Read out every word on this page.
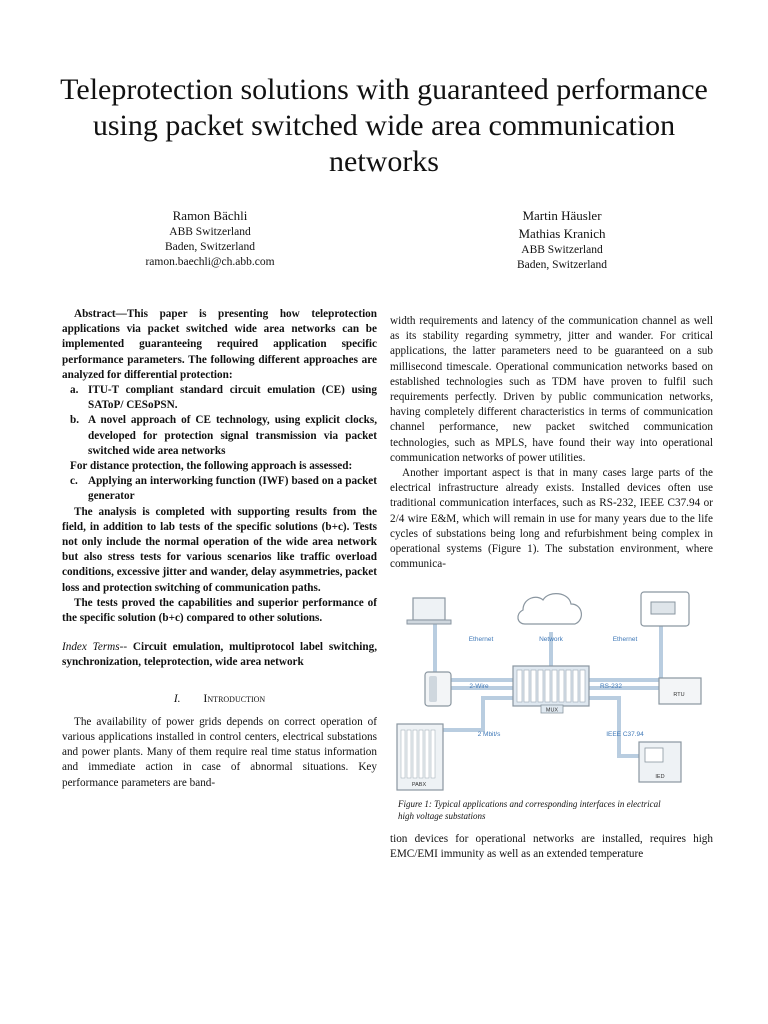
Teleprotection solutions with guaranteed performance using packet switched wide area communication networks
Ramon Bächli
ABB Switzerland
Baden, Switzerland
ramon.baechli@ch.abb.com
Martin Häusler
Mathias Kranich
ABB Switzerland
Baden, Switzerland

Abstract—This paper is presenting how teleprotection applications via packet switched wide area networks can be implemented guaranteeing required application specific performance parameters. The following different approaches are analyzed for differential protection:

a. ITU-T compliant standard circuit emulation (CE) using SAToP/ CESoPSN.
b. A novel approach of CE technology, using explicit clocks, developed for protection signal transmission via packet switched wide area networks

For distance protection, the following approach is assessed:

c. Applying an interworking function (IWF) based on a packet generator

The analysis is completed with supporting results from the field, in addition to lab tests of the specific solutions (b+c). Tests not only include the normal operation of the wide area network but also stress tests for various scenarios like traffic overload conditions, excessive jitter and wander, delay asymmetries, packet loss and protection switching of communication paths.

The tests proved the capabilities and superior performance of the specific solution (b+c) compared to other solutions.

Index Terms-- Circuit emulation, multiprotocol label switching, synchronization, teleprotection, wide area network
I. Introduction

The availability of power grids depends on correct operation of various applications installed in control centers, electrical substations and power plants. Many of them require real time status information and immediate action in case of abnormal situations. Key performance parameters are band-

width requirements and latency of the communication channel as well as its stability regarding symmetry, jitter and wander. For critical applications, the latter parameters need to be guaranteed on a sub millisecond timescale. Operational communication networks based on established technologies such as TDM have proven to fulfil such requirements perfectly. Driven by public communication networks, having completely different characteristics in terms of communication channel performance, new packet switched communication technologies, such as MPLS, have found their way into operational communication networks of power utilities.

Another important aspect is that in many cases large parts of the electrical infrastructure already exists. Installed devices often use traditional communication interfaces, such as RS-232, IEEE C37.94 or 2/4 wire E&M, which will remain in use for many years due to the life cycles of substations being long and refurbishment being complex in operational systems (Figure 1). The substation environment, where communica-

Ethernet	Network	Ethernet
2-Wire	RS-232
2 Mbit/s	IEEE C37.94
MUX
RTU
PABX
IED
Figure 1: Typical applications and corresponding interfaces in electrical high voltage substations
tion devices for operational networks are installed, requires high EMC/EMI immunity as well as an extended temperature
